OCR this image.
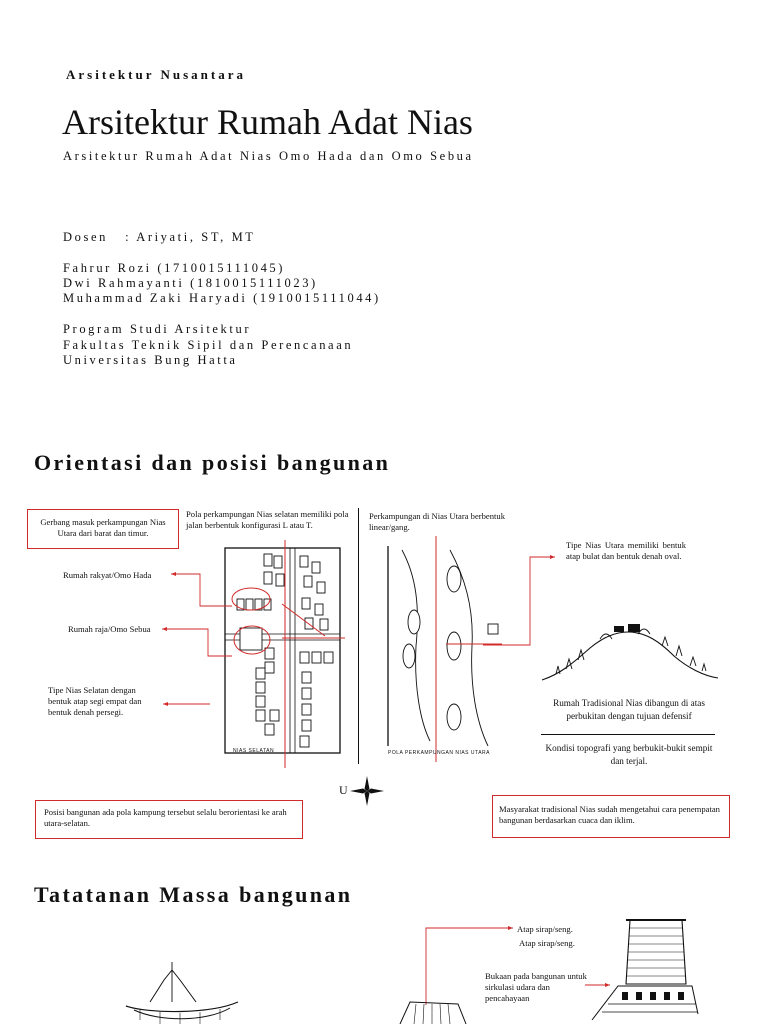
Arsitektur Nusantara
Arsitektur Rumah Adat Nias
Arsitektur Rumah Adat Nias Omo Hada dan Omo Sebua
Dosen   : Ariyati, ST, MT
Fahrur Rozi (1710015111045)
Dwi Rahmayanti (1810015111023)
Muhammad Zaki Haryadi (1910015111044)
Program Studi Arsitektur
Fakultas Teknik Sipil dan Perencanaan
Universitas Bung Hatta
Orientasi dan posisi bangunan
Gerbang masuk perkampungan Nias Utara dari barat dan timur.
Pola perkampungan Nias selatan memiliki pola jalan berbentuk konfigurasi L atau T.
Rumah rakyat/Omo Hada
Rumah raja/Omo Sebua
Tipe Nias Selatan dengan bentuk atap segi empat dan bentuk denah persegi.
Perkampungan di Nias Utara berbentuk linear/gang.
Tipe Nias Utara memiliki bentuk atap bulat dan bentuk denah oval.
Rumah Tradisional Nias dibangun di atas perbukitan dengan tujuan defensif
Kondisi topografi yang berbukit-bukit sempit dan terjal.
Posisi bangunan ada pola kampung tersebut selalu berorientasi ke arah utara-selatan.
Masyarakat tradisional Nias sudah mengetahui cara penempatan bangunan berdasarkan cuaca dan iklim.
U
NIAS SELATAN	POLA PERKAMPUNGAN NIAS UTARA
Tatatanan Massa bangunan
Atap sirap/seng.
Atap sirap/seng.
Bukaan pada bangunan untuk sirkulasi udara dan pencahayaan
